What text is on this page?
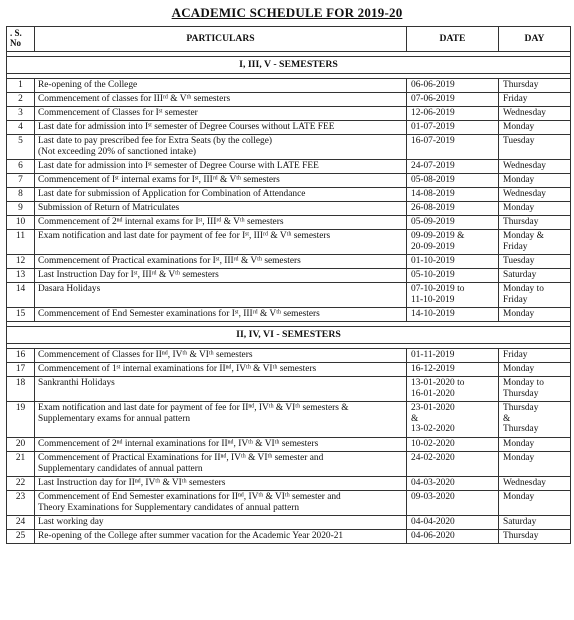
ACADEMIC SCHEDULE FOR 2019-20
. S. No	PARTICULARS	DATE	DAY

I, III, V - SEMESTERS			

1	Re-opening of the College	06-06-2019	Thursday

2	Commencement of classes for IIIʳᵈ & Vᵗʰ semesters	07-06-2019	Friday

3	Commencement of Classes for Iˢᵗ semester	12-06-2019	Wednesday

4	Last date for admission into Iˢᵗ semester of Degree Courses without LATE FEE	01-07-2019	Monday

5	Last date to pay prescribed fee for Extra Seats (by the college)
(Not exceeding 20% of sanctioned intake)	16-07-2019	Tuesday

6	Last date for admission into Iˢᵗ semester of Degree Course with LATE FEE	24-07-2019	Wednesday

7	Commencement of Iˢᵗ internal exams for Iˢᵗ, IIIʳᵈ & Vᵗʰ semesters	05-08-2019	Monday

8	Last date for submission of Application for Combination of Attendance	14-08-2019	Wednesday

9	Submission of Return of Matriculates	26-08-2019	Monday

10	Commencement of 2ⁿᵈ internal exams for Iˢᵗ, IIIʳᵈ & Vᵗʰ semesters	05-09-2019	Thursday

11	Exam notification and last date for payment of fee for Iˢᵗ, IIIʳᵈ & Vᵗʰ semesters	09-09-2019 &
20-09-2019	Monday &
Friday

12	Commencement of Practical examinations for Iˢᵗ, IIIʳᵈ & Vᵗʰ semesters	01-10-2019	Tuesday

13	Last Instruction Day for Iˢᵗ, IIIʳᵈ & Vᵗʰ semesters	05-10-2019	Saturday

14	Dasara Holidays	07-10-2019 to
11-10-2019	Monday to
Friday

15	Commencement of End Semester examinations for Iˢᵗ, IIIʳᵈ & Vᵗʰ semesters	14-10-2019	Monday

II, IV, VI - SEMESTERS			

16	Commencement of Classes for IIⁿᵈ, IVᵗʰ & VIᵗʰ semesters	01-11-2019	Friday

17	Commencement of 1ˢᵗ internal examinations for IIⁿᵈ, IVᵗʰ & VIᵗʰ semesters	16-12-2019	Monday

18	Sankranthi Holidays	13-01-2020 to
16-01-2020	Monday to
Thursday

19	Exam notification and last date for payment of fee for IIⁿᵈ, IVᵗʰ & VIᵗʰ semesters &
Supplementary exams for annual pattern	23-01-2020
&
13-02-2020	Thursday
&
Thursday

20	Commencement of 2ⁿᵈ internal examinations for IIⁿᵈ, IVᵗʰ & VIᵗʰ semesters	10-02-2020	Monday

21	Commencement of Practical Examinations for IIⁿᵈ, IVᵗʰ & VIᵗʰ semester and
Supplementary candidates of annual pattern	24-02-2020	Monday

22	Last Instruction day for IIⁿᵈ, IVᵗʰ & VIᵗʰ semesters	04-03-2020	Wednesday

23	Commencement of End Semester examinations for IIⁿᵈ, IVᵗʰ & VIᵗʰ semester and
Theory Examinations for Supplementary candidates of annual pattern	09-03-2020	Monday

24	Last working day	04-04-2020	Saturday

25	Re-opening of the College after summer vacation for the Academic Year 2020-21	04-06-2020	Thursday
